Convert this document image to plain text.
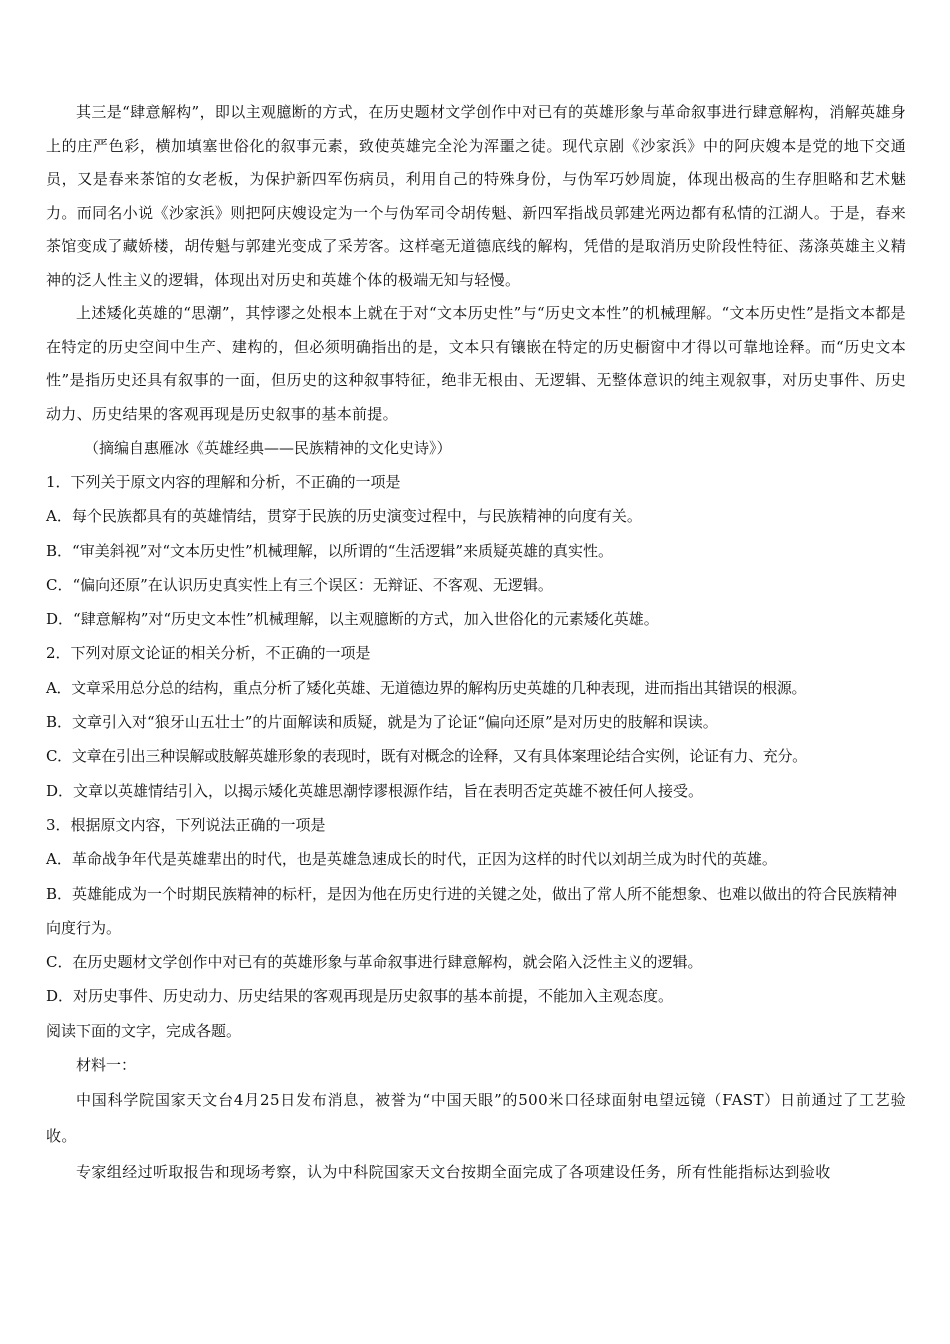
其三是“肆意解构”，即以主观臆断的方式，在历史题材文学创作中对已有的英雄形象与革命叙事进行肆意解构，消解英雄身上的庄严色彩，横加填塞世俗化的叙事元素，致使英雄完全沦为浑噩之徒。现代京剧《沙家浜》中的阿庆嫂本是党的地下交通员，又是春来茶馆的女老板，为保护新四军伤病员，利用自己的特殊身份，与伪军巧妙周旋，体现出极高的生存胆略和艺术魅力。而同名小说《沙家浜》则把阿庆嫂设定为一个与伪军司令胡传魁、新四军指战员郭建光两边都有私情的江湖人。于是，春来茶馆变成了藏娇楼，胡传魁与郭建光变成了采芳客。这样毫无道德底线的解构，凭借的是取消历史阶段性特征、荡涤英雄主义精神的泛人性主义的逻辑，体现出对历史和英雄个体的极端无知与轻慢。

上述矮化英雄的“思潮”，其悖谬之处根本上就在于对“文本历史性”与“历史文本性”的机械理解。“文本历史性”是指文本都是在特定的历史空间中生产、建构的，但必须明确指出的是，文本只有镶嵌在特定的历史橱窗中才得以可靠地诠释。而“历史文本性”是指历史还具有叙事的一面，但历史的这种叙事特征，绝非无根由、无逻辑、无整体意识的纯主观叙事，对历史事件、历史动力、历史结果的客观再现是历史叙事的基本前提。

（摘编自惠雁冰《英雄经典——民族精神的文化史诗》）

1．下列关于原文内容的理解和分析，不正确的一项是

A．每个民族都具有的英雄情结，贯穿于民族的历史演变过程中，与民族精神的向度有关。

B．“审美斜视”对“文本历史性”机械理解，以所谓的“生活逻辑”来质疑英雄的真实性。

C．“偏向还原”在认识历史真实性上有三个误区：无辩证、不客观、无逻辑。

D．“肆意解构”对“历史文本性”机械理解，以主观臆断的方式，加入世俗化的元素矮化英雄。

2．下列对原文论证的相关分析，不正确的一项是

A．文章采用总分总的结构，重点分析了矮化英雄、无道德边界的解构历史英雄的几种表现，进而指出其错误的根源。

B．文章引入对“狼牙山五壮士”的片面解读和质疑，就是为了论证“偏向还原”是对历史的肢解和误读。

C．文章在引出三种误解或肢解英雄形象的表现时，既有对概念的诠释，又有具体案理论结合实例，论证有力、充分。

D．文章以英雄情结引入，以揭示矮化英雄思潮悖谬根源作结，旨在表明否定英雄不被任何人接受。

3．根据原文内容，下列说法正确的一项是

A．革命战争年代是英雄辈出的时代，也是英雄急速成长的时代，正因为这样的时代以刘胡兰成为时代的英雄。

B．英雄能成为一个时期民族精神的标杆，是因为他在历史行进的关键之处，做出了常人所不能想象、也难以做出的符合民族精神向度行为。

C．在历史题材文学创作中对已有的英雄形象与革命叙事进行肆意解构，就会陷入泛性主义的逻辑。

D．对历史事件、历史动力、历史结果的客观再现是历史叙事的基本前提，不能加入主观态度。

阅读下面的文字，完成各题。

材料一：

中国科学院国家天文台4月25日发布消息，被誉为“中国天眼”的500米口径球面射电望远镜（FAST）日前通过了工艺验收。

专家组经过听取报告和现场考察，认为中科院国家天文台按期全面完成了各项建设任务，所有性能指标达到验收
